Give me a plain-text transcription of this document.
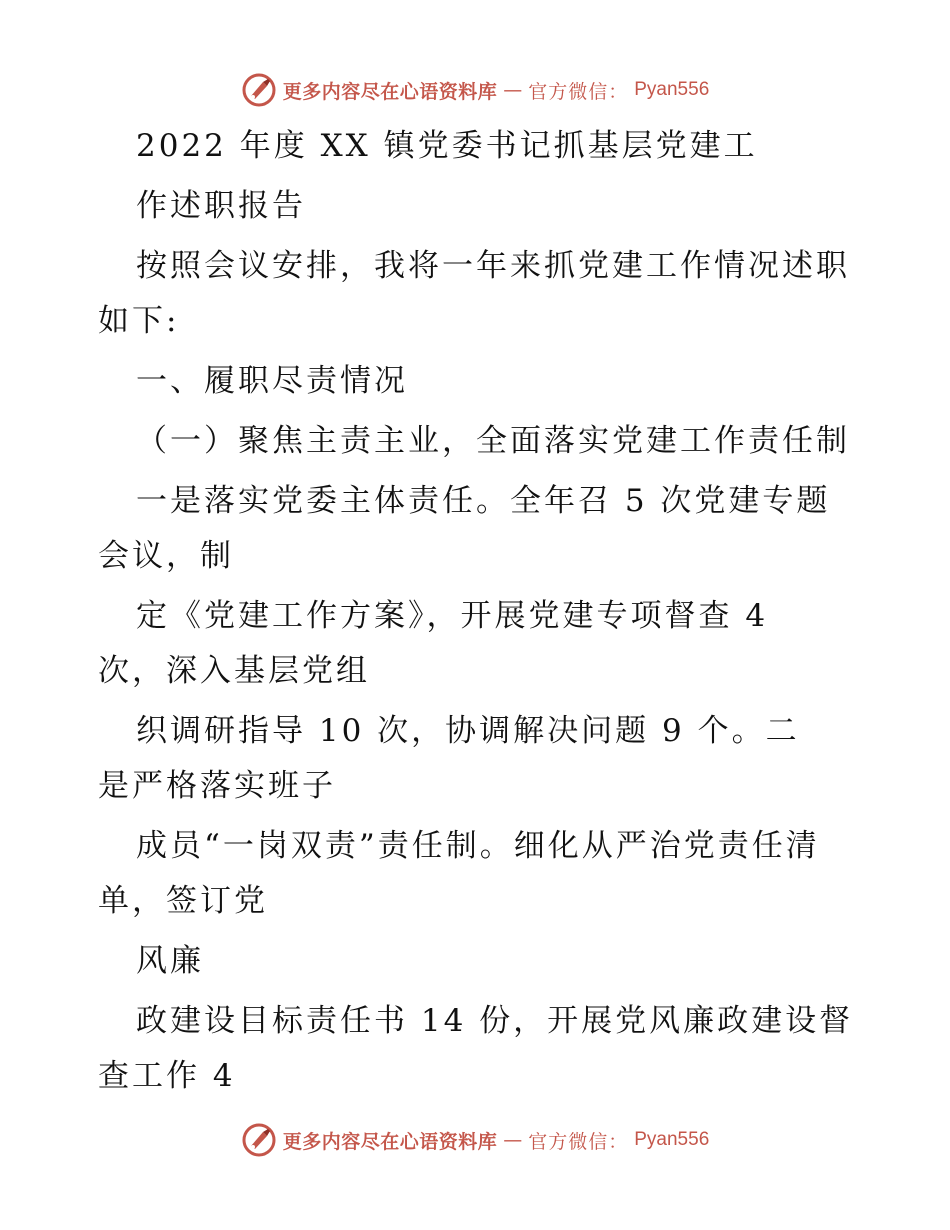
更多内容尽在心语资料库 — 官方微信： Pyan556
2022 年度 XX 镇党委书记抓基层党建工
作述职报告
按照会议安排，我将一年来抓党建工作情况述职
如下:
一、履职尽责情况
（一）聚焦主责主业，全面落实党建工作责任制
一是落实党委主体责任。全年召 5 次党建专题
会议，制
定《党建工作方案》，开展党建专项督查 4
次，深入基层党组
织调研指导 10 次，协调解决问题 9 个。二
是严格落实班子
成员“一岗双责”责任制。细化从严治党责任清
单，签订党
风廉
政建设目标责任书 14 份，开展党风廉政建设督
查工作 4
更多内容尽在心语资料库 — 官方微信： Pyan556
